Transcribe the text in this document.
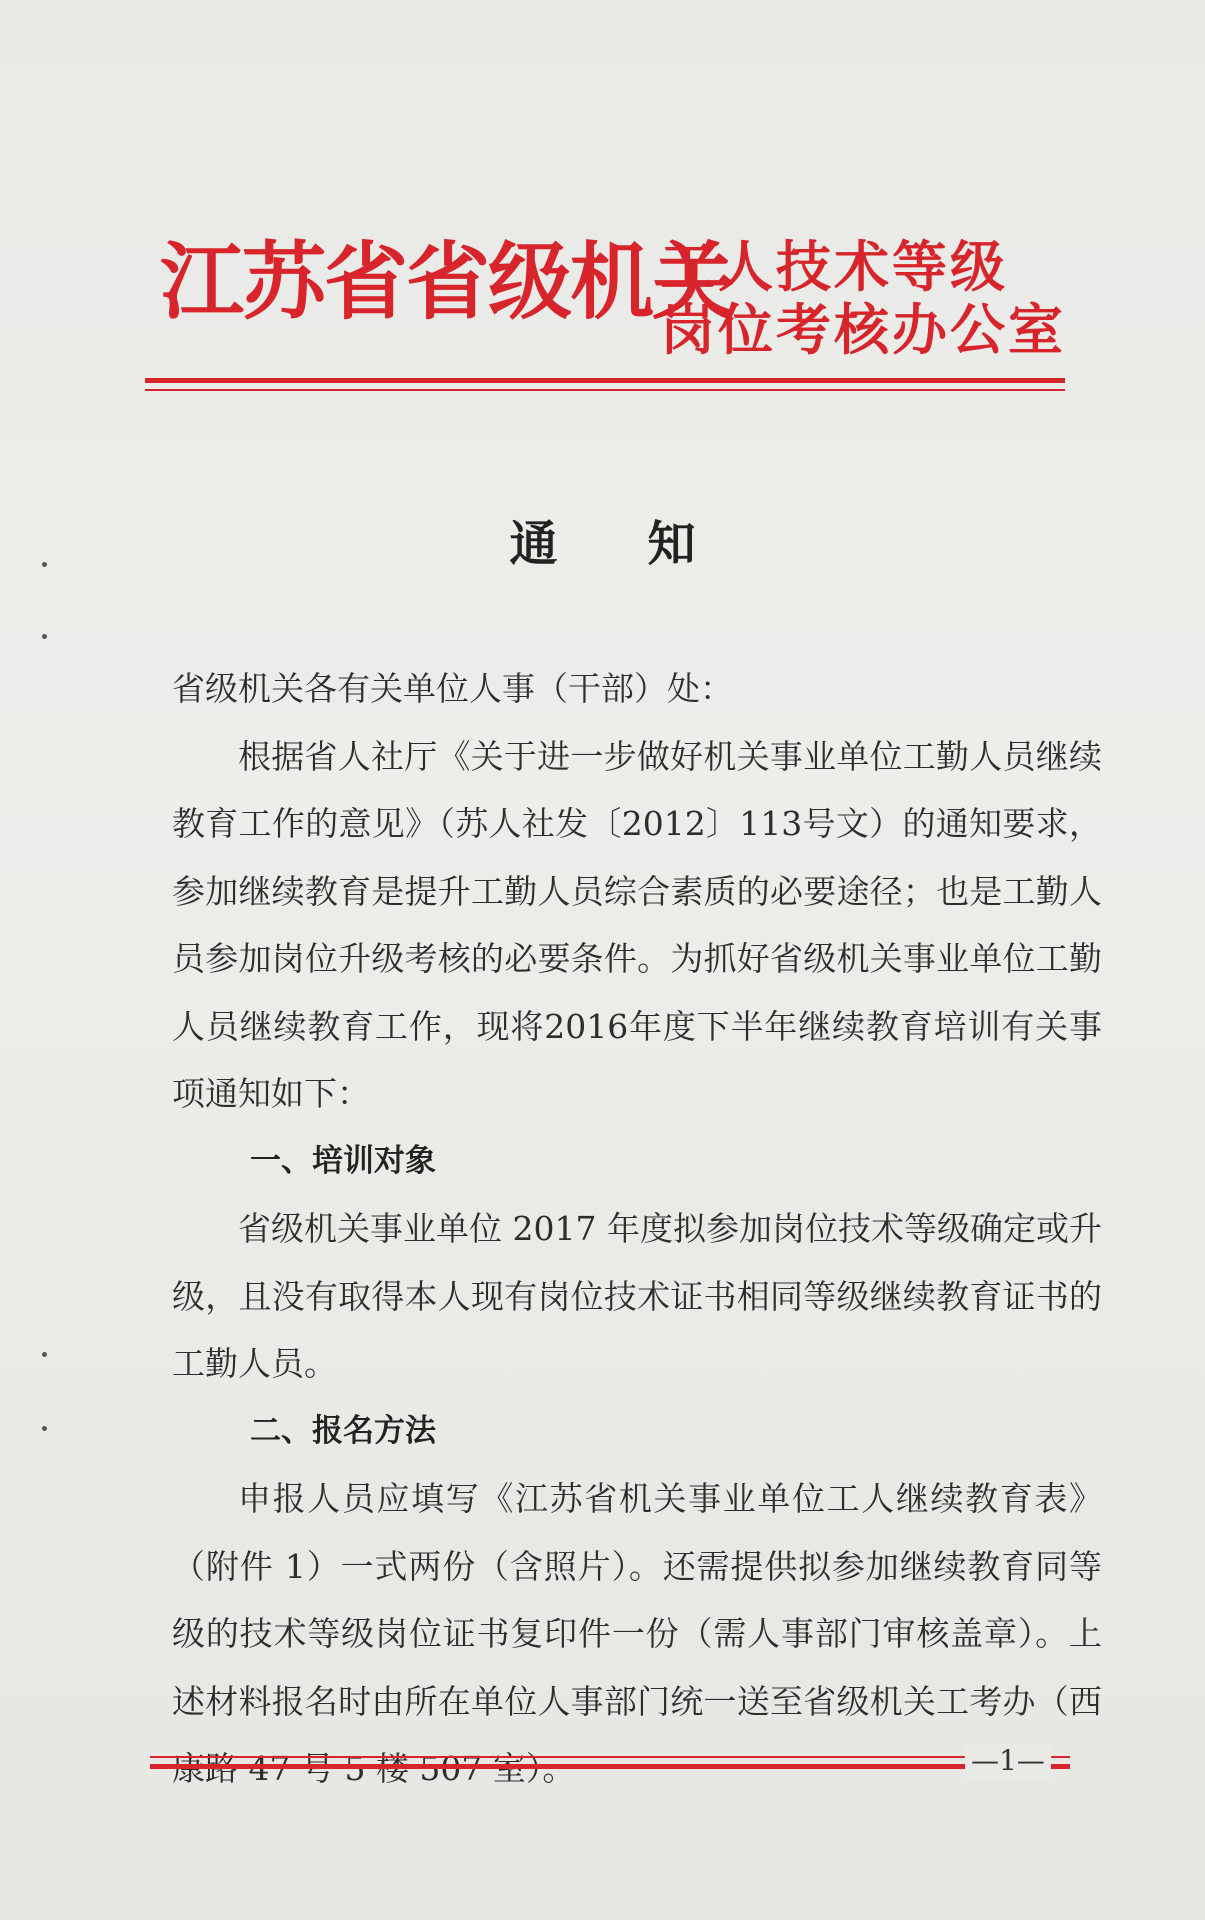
江苏省省级机关
工人技术等级
岗位考核办公室
通知

省级机关各有关单位人事（干部）处：

根据省人社厅《关于进一步做好机关事业单位工勤人员继续教育工作的意见》（苏人社发〔2012〕113号文）的通知要求，参加继续教育是提升工勤人员综合素质的必要途径；也是工勤人员参加岗位升级考核的必要条件。为抓好省级机关事业单位工勤人员继续教育工作，现将2016年度下半年继续教育培训有关事项通知如下：

一、培训对象

省级机关事业单位 2017 年度拟参加岗位技术等级确定或升级，且没有取得本人现有岗位技术证书相同等级继续教育证书的工勤人员。

二、报名方法

申报人员应填写《江苏省机关事业单位工人继续教育表》（附件 1）一式两份（含照片）。还需提供拟参加继续教育同等级的技术等级岗位证书复印件一份（需人事部门审核盖章）。上述材料报名时由所在单位人事部门统一送至省级机关工考办（西

—1—
